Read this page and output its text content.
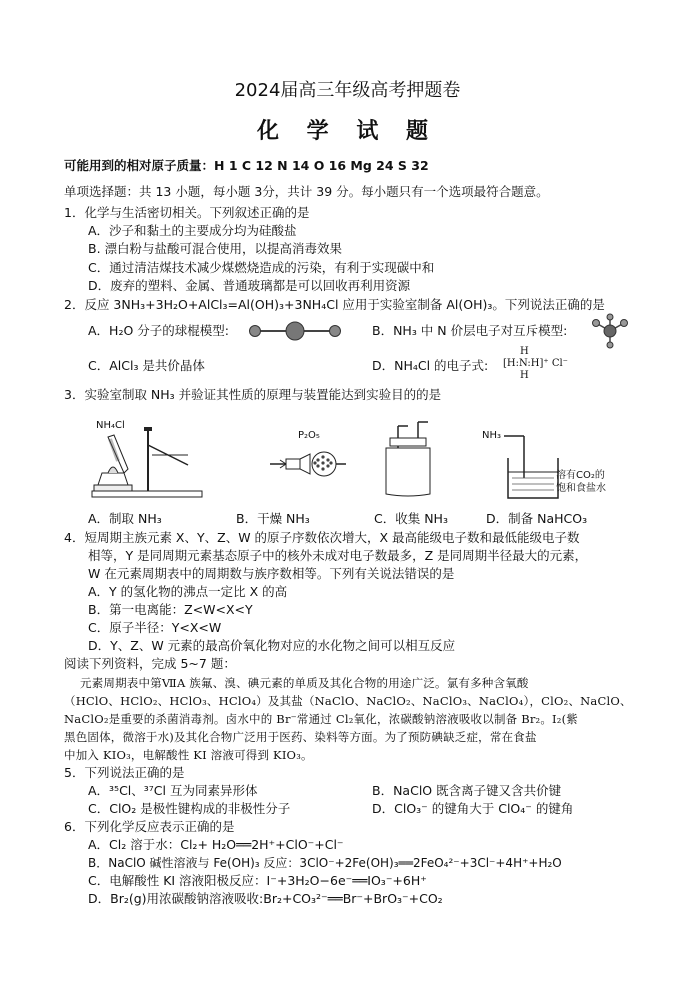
2024届高三年级高考押题卷
化 学 试 题
可能用到的相对原子质量：H 1 C 12 N 14 O 16 Mg 24 S 32
单项选择题：共 13 小题，每小题 3分，共计 39 分。每小题只有一个选项最符合题意。
1．化学与生活密切相关。下列叙述正确的是
A．沙子和黏土的主要成分均为硅酸盐
B. 漂白粉与盐酸可混合使用，以提高消毒效果
C．通过清洁煤技术减少煤燃烧造成的污染，有利于实现碳中和
D．废弃的塑料、金属、普通玻璃都是可以回收再利用资源
2．反应 3NH₃+3H₂O+AlCl₃=Al(OH)₃+3NH₄Cl 应用于实验室制备 Al(OH)₃。下列说法正确的是
A．H₂O 分子的球棍模型:	B．NH₃ 中 N 价层电子对互斥模型:
C．AlCl₃ 是共价晶体	D．NH₄Cl 的电子式:
H
[H:N:H]⁺ Cl⁻
H
3．实验室制取 NH₃ 并验证其性质的原理与装置能达到实验目的的是
NH₄Cl
P₂O₅	NH₃
溶有CO₂的
饱和食盐水
A．制取 NH₃	B．干燥 NH₃	C．收集 NH₃	D．制备 NaHCO₃
4．短周期主族元素 X、Y、Z、W 的原子序数依次增大，X 最高能级电子数和最低能级电子数
相等，Y 是同周期元素基态原子中的核外未成对电子数最多，Z 是同周期半径最大的元素，
W 在元素周期表中的周期数与族序数相等。下列有关说法错误的是
A．Y 的氢化物的沸点一定比 X 的高
B．第一电离能：Z<W<X<Y
C．原子半径：Y<X<W
D．Y、Z、W 元素的最高价氧化物对应的水化物之间可以相互反应
阅读下列资料，完成 5~7 题：
元素周期表中第ⅦA 族氟、溴、碘元素的单质及其化合物的用途广泛。氯有多种含氧酸
（HClO、HClO₂、HClO₃、HClO₄）及其盐（NaClO、NaClO₂、NaClO₃、NaClO₄），ClO₂、NaClO、
NaClO₂是重要的杀菌消毒剂。卤水中的 Br⁻常通过 Cl₂氧化，浓碳酸钠溶液吸收以制备 Br₂。I₂(紫
黑色固体，微溶于水)及其化合物广泛用于医药、染料等方面。为了预防碘缺乏症，常在食盐
中加入 KIO₃，电解酸性 KI 溶液可得到 KIO₃。
5．下列说法正确的是
A．³⁵Cl、³⁷Cl 互为同素异形体	B．NaClO 既含离子键又含共价键
C．ClO₂ 是极性键构成的非极性分子	D．ClO₃⁻ 的键角大于 ClO₄⁻ 的键角
6．下列化学反应表示正确的是
A．Cl₂ 溶于水：Cl₂+ H₂O══2H⁺+ClO⁻+Cl⁻
B．NaClO 碱性溶液与 Fe(OH)₃ 反应：3ClO⁻+2Fe(OH)₃══2FeO₄²⁻+3Cl⁻+4H⁺+H₂O
C．电解酸性 KI 溶液阳极反应：I⁻+3H₂O−6e⁻══IO₃⁻+6H⁺
D．Br₂(g)用浓碳酸钠溶液吸收:Br₂+CO₃²⁻══Br⁻+BrO₃⁻+CO₂
